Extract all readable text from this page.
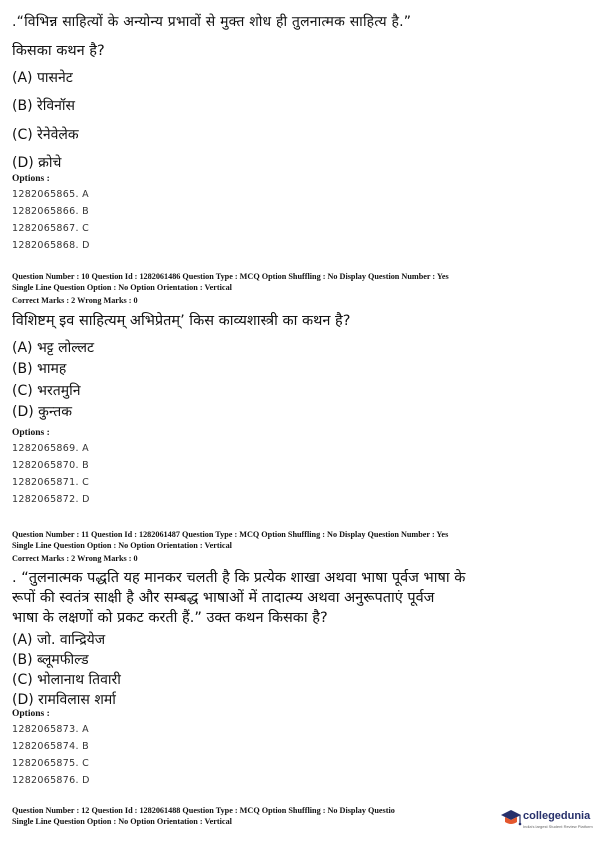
.“विभिन्न साहित्यों के अन्योन्य प्रभावों से मुक्त शोध ही तुलनात्मक साहित्य है.”
किसका कथन है?
(A) पासनेट
(B) रेविनॉस
(C) रेनेवेलेक
(D) क्रोचे
Options :
1282065865. A
1282065866. B
1282065867. C
1282065868. D
Question Number : 10 Question Id : 1282061486 Question Type : MCQ Option Shuffling : No Display Question Number : Yes
Single Line Question Option : No Option Orientation : Vertical
Correct Marks : 2 Wrong Marks : 0
विशिष्टम् इव साहित्यम् अभिप्रेतम्’ किस काव्यशास्त्री का कथन है?
(A) भट्ट लोल्लट
(B) भामह
(C) भरतमुनि
(D) कुन्तक
Options :
1282065869. A
1282065870. B
1282065871. C
1282065872. D
Question Number : 11 Question Id : 1282061487 Question Type : MCQ Option Shuffling : No Display Question Number : Yes
Single Line Question Option : No Option Orientation : Vertical
Correct Marks : 2 Wrong Marks : 0
. “तुलनात्मक पद्धति यह मानकर चलती है कि प्रत्येक शाखा अथवा भाषा पूर्वज भाषा के
रूपों की स्वतंत्र साक्षी है और सम्बद्ध भाषाओं में तादात्म्य अथवा अनुरूपताएं पूर्वज
भाषा के लक्षणों को प्रकट करती हैं.” उक्त कथन किसका है?
(A) जो. वान्द्रियेज
(B) ब्लूमफील्ड
(C) भोलानाथ तिवारी
(D) रामविलास शर्मा
Options :
1282065873. A
1282065874. B
1282065875. C
1282065876. D
Question Number : 12 Question Id : 1282061488 Question Type : MCQ Option Shuffling : No Display Questio
Single Line Question Option : No Option Orientation : Vertical	collegedunia
India's largest Student Review Platform
